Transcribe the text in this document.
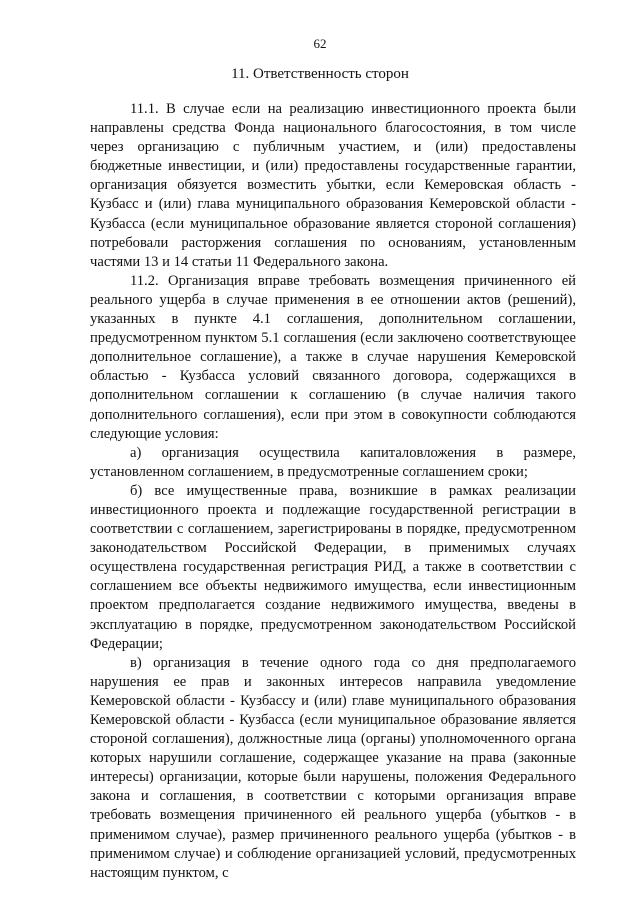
62
11. Ответственность сторон

11.1. В случае если на реализацию инвестиционного проекта были направлены средства Фонда национального благосостояния, в том числе через организацию с публичным участием, и (или) предоставлены бюджетные инвестиции, и (или) предоставлены государственные гарантии, организация обязуется возместить убытки, если Кемеровская область - Кузбасс и (или) глава муниципального образования Кемеровской области - Кузбасса (если муниципальное образование является стороной соглашения) потребовали расторжения соглашения по основаниям, установленным частями 13 и 14 статьи 11 Федерального закона.

11.2. Организация вправе требовать возмещения причиненного ей реального ущерба в случае применения в ее отношении актов (решений), указанных в пункте 4.1 соглашения, дополнительном соглашении, предусмотренном пунктом 5.1 соглашения (если заключено соответствующее дополнительное соглашение), а также в случае нарушения Кемеровской областью - Кузбасса условий связанного договора, содержащихся в дополнительном соглашении к соглашению (в случае наличия такого дополнительного соглашения), если при этом в совокупности соблюдаются следующие условия:

а) организация осуществила капиталовложения в размере, установленном соглашением, в предусмотренные соглашением сроки;

б) все имущественные права, возникшие в рамках реализации инвестиционного проекта и подлежащие государственной регистрации в соответствии с соглашением, зарегистрированы в порядке, предусмотренном законодательством Российской Федерации, в применимых случаях осуществлена государственная регистрация РИД, а также в соответствии с соглашением все объекты недвижимого имущества, если инвестиционным проектом предполагается создание недвижимого имущества, введены в эксплуатацию в порядке, предусмотренном законодательством Российской Федерации;

в) организация в течение одного года со дня предполагаемого нарушения ее прав и законных интересов направила уведомление Кемеровской области - Кузбассу и (или) главе муниципального образования Кемеровской области - Кузбасса (если муниципальное образование является стороной соглашения), должностные лица (органы) уполномоченного органа которых нарушили соглашение, содержащее указание на права (законные интересы) организации, которые были нарушены, положения Федерального закона и соглашения, в соответствии с которыми организация вправе требовать возмещения причиненного ей реального ущерба (убытков - в применимом случае), размер причиненного реального ущерба (убытков - в применимом случае) и соблюдение организацией условий, предусмотренных настоящим пунктом, с
